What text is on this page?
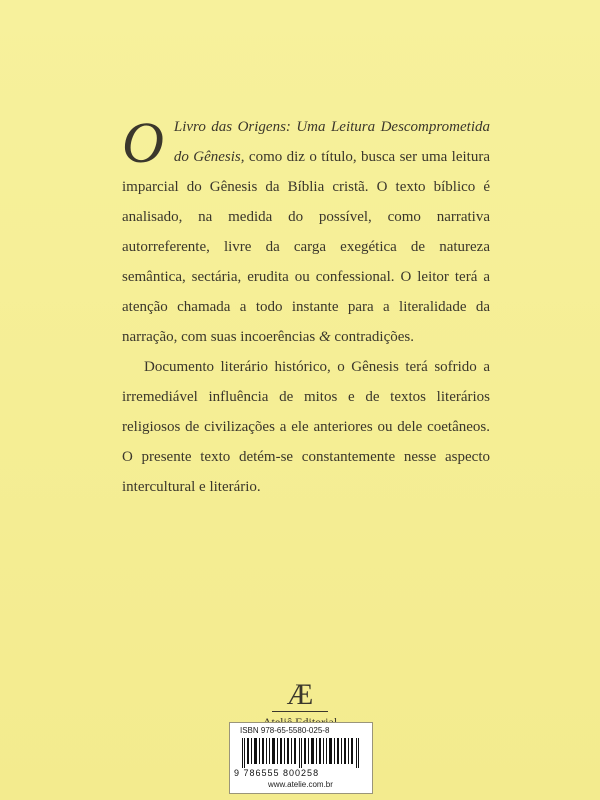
O Livro das Origens: Uma Leitura Descomprometida do Gênesis, como diz o título, busca ser uma leitura imparcial do Gênesis da Bíblia cristã. O texto bíblico é analisado, na medida do possível, como narrativa autorreferente, livre da carga exegética de natureza semântica, sectária, erudita ou confessional. O leitor terá a atenção chamada a todo instante para a literalidade da narração, com suas incoerências & contradições.

Documento literário histórico, o Gênesis terá sofrido a irremediável influência de mitos e de textos literários religiosos de civilizações a ele anteriores ou dele coetâneos. O presente texto detém-se constantemente nesse aspecto intercultural e literário.

Æ
ISBN 978-65-5580-025-8
9 786555 800258
www.atelie.com.br
